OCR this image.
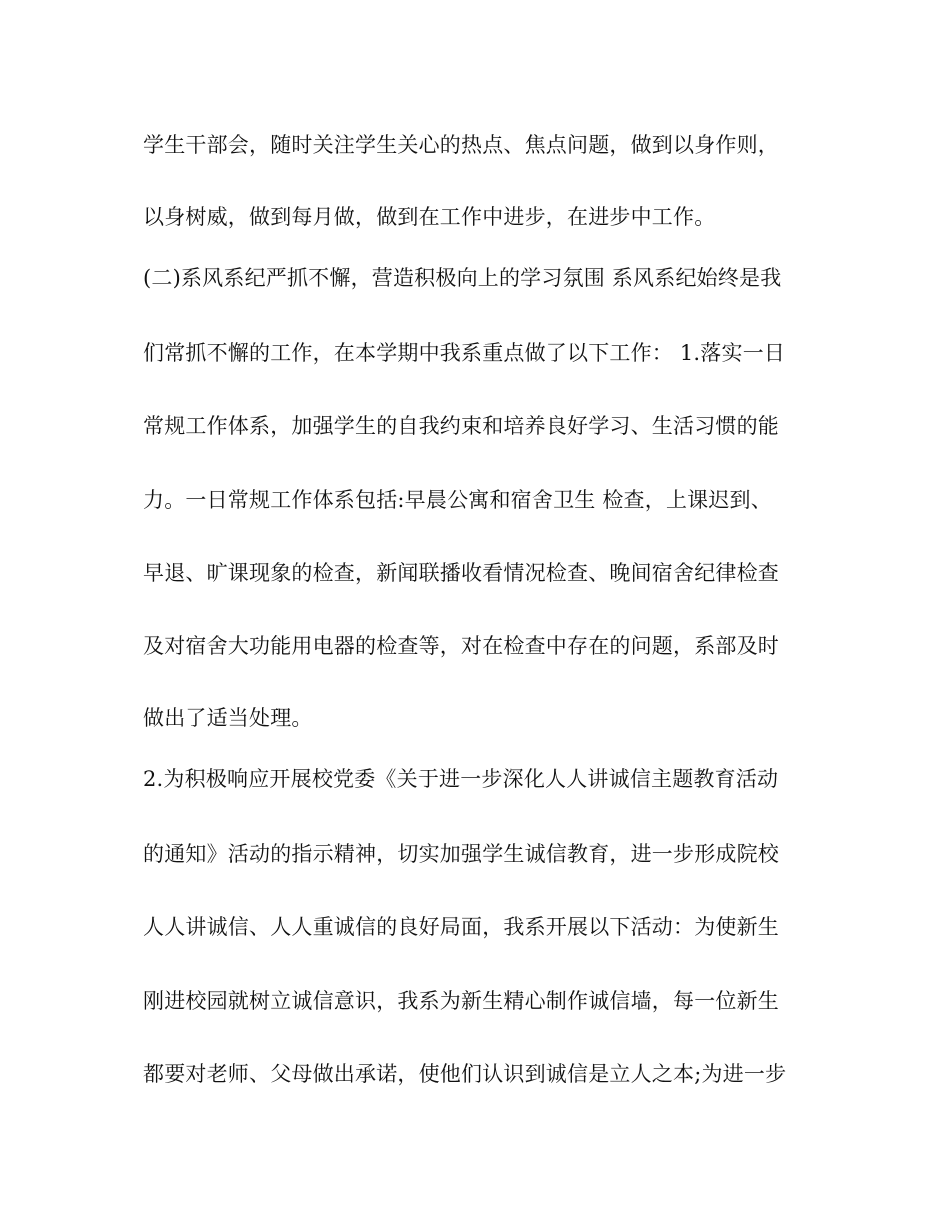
学生干部会，随时关注学生关心的热点、焦点问题，做到以身作则，
以身树威，做到每月做，做到在工作中进步，在进步中工作。
(二)系风系纪严抓不懈，营造积极向上的学习氛围 系风系纪始终是我
们常抓不懈的工作，在本学期中我系重点做了以下工作： 1.落实一日
常规工作体系，加强学生的自我约束和培养良好学习、生活习惯的能
力。一日常规工作体系包括:早晨公寓和宿舍卫生 检查，上课迟到、
早退、旷课现象的检查，新闻联播收看情况检查、晚间宿舍纪律检查
及对宿舍大功能用电器的检查等，对在检查中存在的问题，系部及时
做出了适当处理。
2.为积极响应开展校党委《关于进一步深化人人讲诚信主题教育活动
的通知》活动的指示精神，切实加强学生诚信教育，进一步形成院校
人人讲诚信、人人重诚信的良好局面，我系开展以下活动：为使新生
刚进校园就树立诚信意识，我系为新生精心制作诚信墙，每一位新生
都要对老师、父母做出承诺，使他们认识到诚信是立人之本;为进一步
